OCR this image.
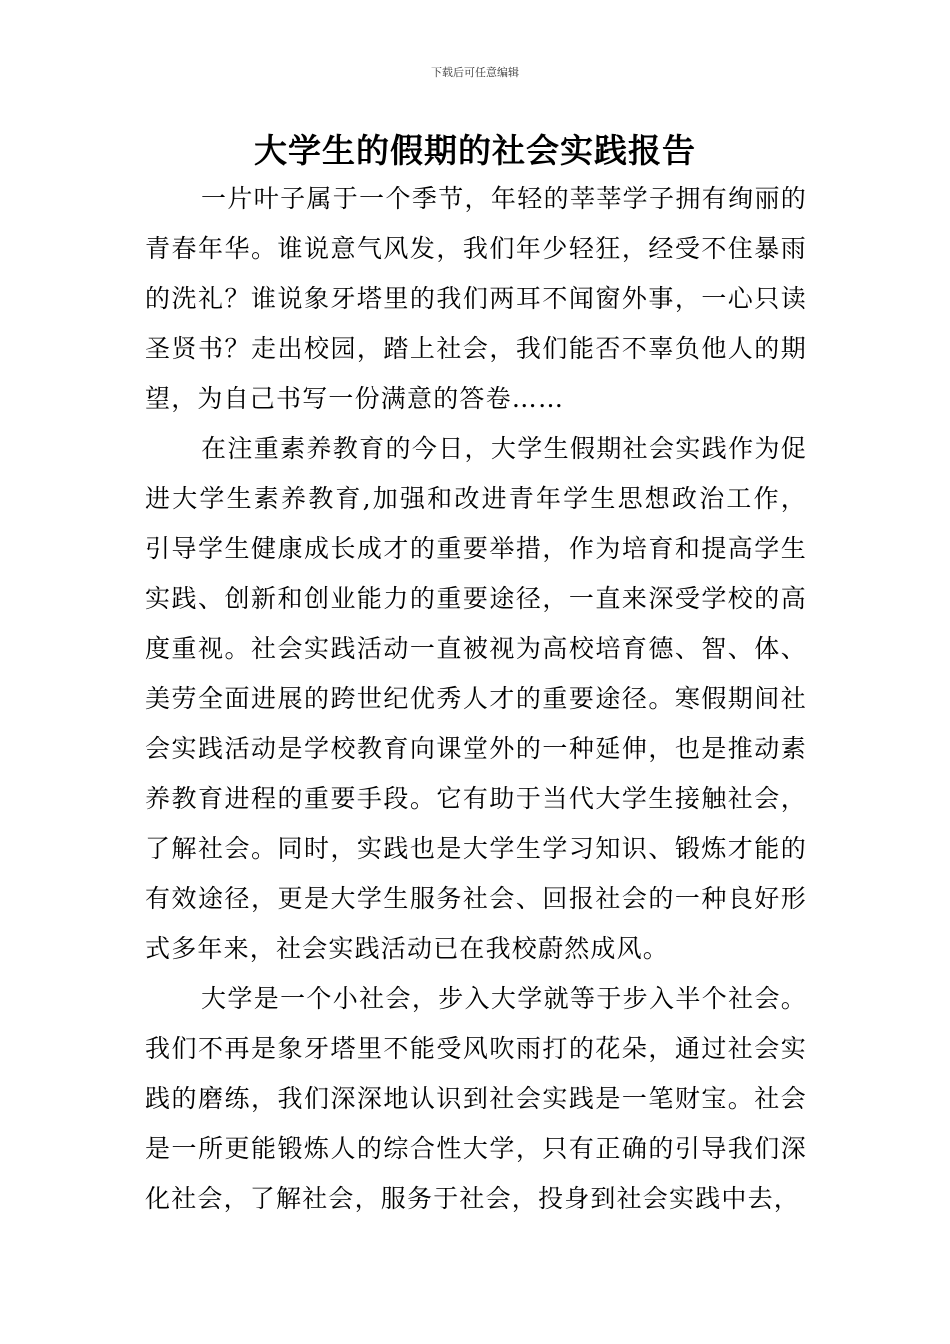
下载后可任意编辑
大学生的假期的社会实践报告

一片叶子属于一个季节，年轻的莘莘学子拥有绚丽的青春年华。谁说意气风发，我们年少轻狂，经受不住暴雨的洗礼？谁说象牙塔里的我们两耳不闻窗外事，一心只读圣贤书？走出校园，踏上社会，我们能否不辜负他人的期望，为自己书写一份满意的答卷……

在注重素养教育的今日，大学生假期社会实践作为促进大学生素养教育,加强和改进青年学生思想政治工作，引导学生健康成长成才的重要举措，作为培育和提高学生实践、创新和创业能力的重要途径，一直来深受学校的高度重视。社会实践活动一直被视为高校培育德、智、体、美劳全面进展的跨世纪优秀人才的重要途径。寒假期间社会实践活动是学校教育向课堂外的一种延伸，也是推动素养教育进程的重要手段。它有助于当代大学生接触社会，了解社会。同时，实践也是大学生学习知识、锻炼才能的有效途径，更是大学生服务社会、回报社会的一种良好形式多年来，社会实践活动已在我校蔚然成风。

大学是一个小社会，步入大学就等于步入半个社会。我们不再是象牙塔里不能受风吹雨打的花朵，通过社会实践的磨练，我们深深地认识到社会实践是一笔财宝。社会是一所更能锻炼人的综合性大学，只有正确的引导我们深化社会，了解社会，服务于社会，投身到社会实践中去，
